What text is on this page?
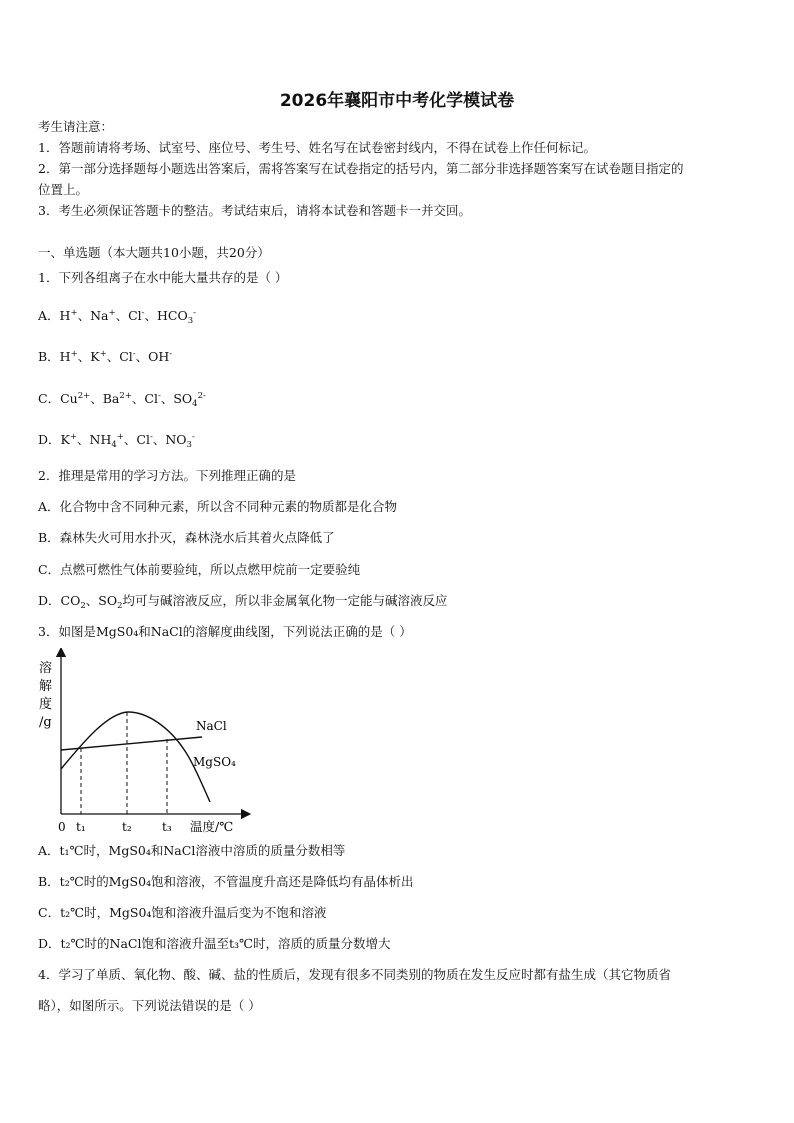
2026年襄阳市中考化学模试卷
考生请注意：
1．答题前请将考场、试室号、座位号、考生号、姓名写在试卷密封线内，不得在试卷上作任何标记。
2．第一部分选择题每小题选出答案后，需将答案写在试卷指定的括号内，第二部分非选择题答案写在试卷题目指定的
位置上。
3．考生必须保证答题卡的整洁。考试结束后，请将本试卷和答题卡一并交回。
一、单选题（本大题共10小题，共20分）
1．下列各组离子在水中能大量共存的是（ ）
A．H+、Na+、Cl-、$HCO_3^-$
B．H+、K+、Cl-、OH-
C．$Cu^{2+}$、$Ba^{2+}$、Cl-、$SO_4^{2-}$
D．K+、$NH_4^+$、Cl-、$NO_3^-$
2．推理是常用的学习方法。下列推理正确的是
A．化合物中含不同种元素，所以含不同种元素的物质都是化合物
B．森林失火可用水扑灭，森林浇水后其着火点降低了
C．点燃可燃性气体前要验纯，所以点燃甲烷前一定要验纯
D．$CO_2$、$SO_2$均可与碱溶液反应，所以非金属氧化物一定能与碱溶液反应
3．如图是MgS0₄和NaCl的溶解度曲线图，下列说法正确的是（ ）
溶
解
度
/g	NaCl
MgSO₄
0 t₁	t₂	t₃ 温度/℃
A．t₁℃时，MgS0₄和NaCl溶液中溶质的质量分数相等
B．t₂℃时的MgS0₄饱和溶液，不管温度升高还是降低均有晶体析出
C．t₂℃时，MgS0₄饱和溶液升温后变为不饱和溶液
D．t₂℃时的NaCl饱和溶液升温至t₃℃时，溶质的质量分数增大
4．学习了单质、氧化物、酸、碱、盐的性质后，发现有很多不同类别的物质在发生反应时都有盐生成（其它物质省
略），如图所示。下列说法错误的是（ ）
